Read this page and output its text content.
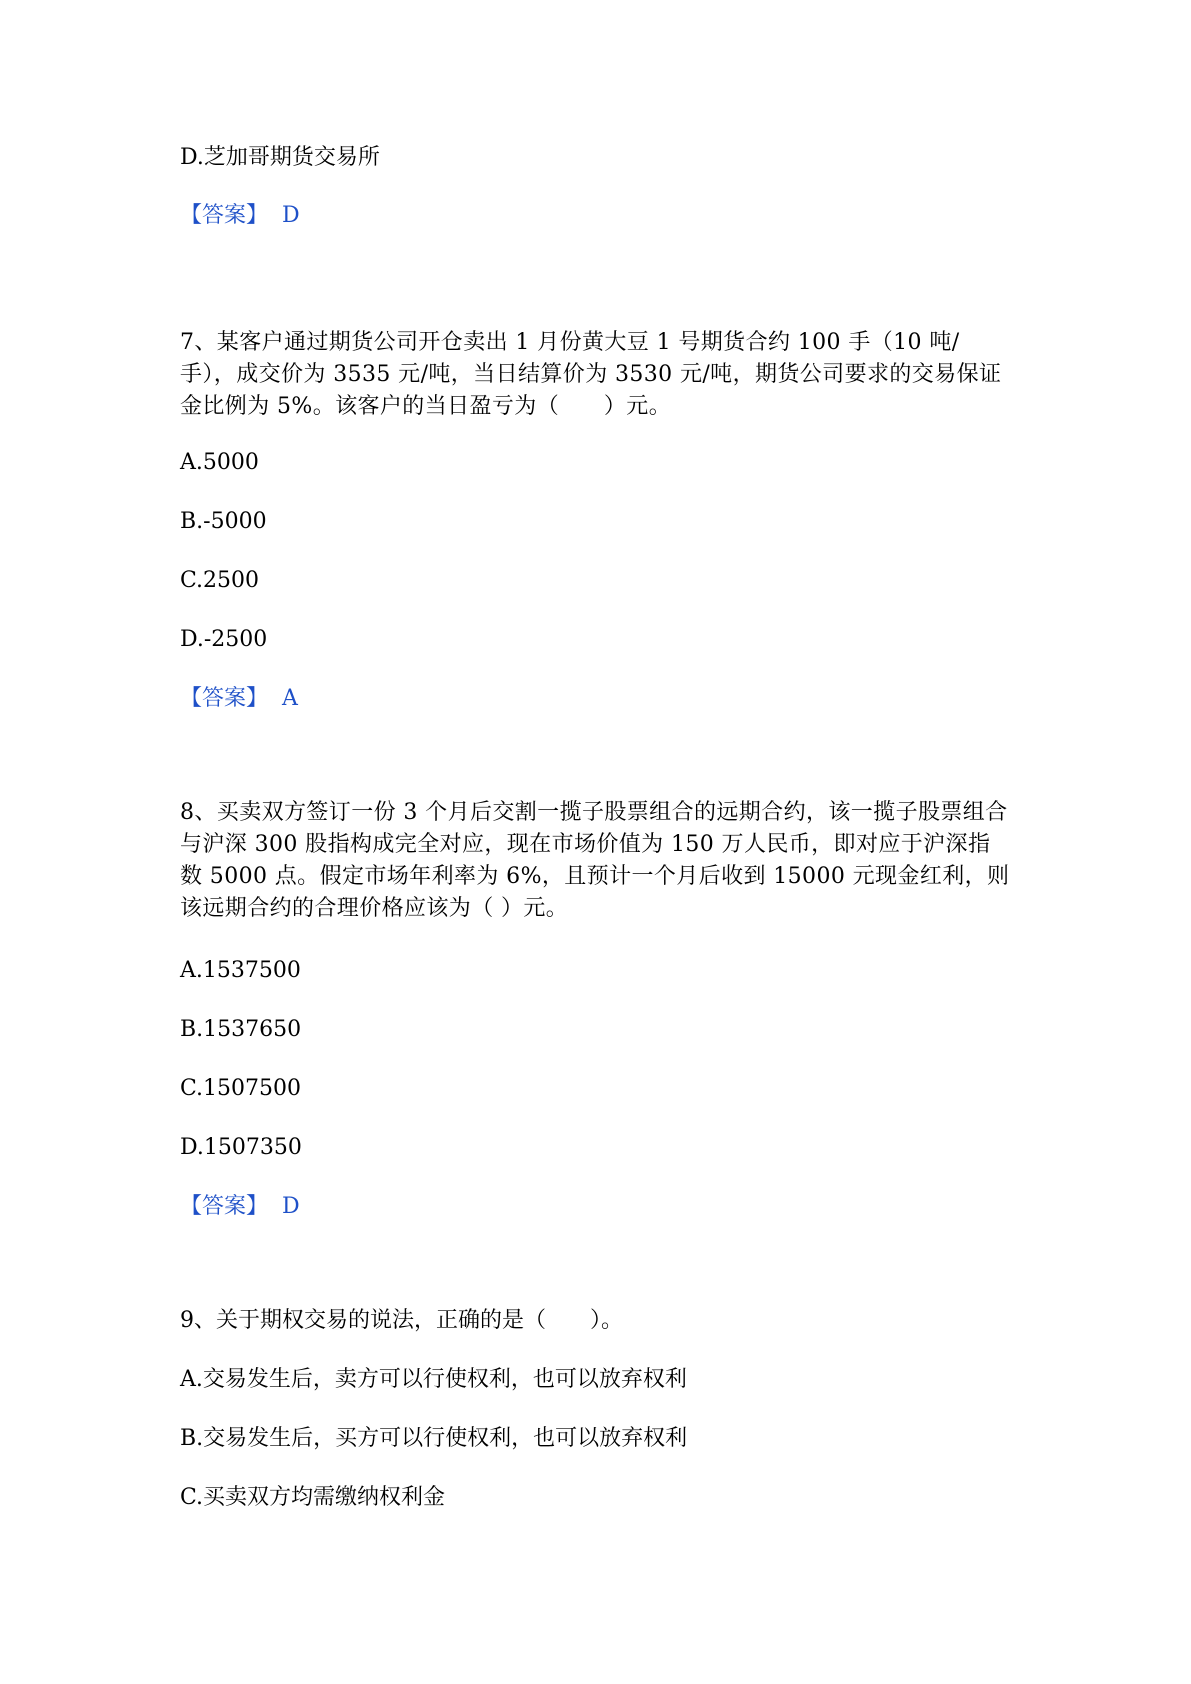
D.芝加哥期货交易所
【答案】 D
7、某客户通过期货公司开仓卖出 1 月份黄大豆 1 号期货合约 100 手（10 吨/手），成交价为 3535 元/吨，当日结算价为 3530 元/吨，期货公司要求的交易保证金比例为 5%。该客户的当日盈亏为（　　）元。
A.5000
B.-5000
C.2500
D.-2500
【答案】 A
8、买卖双方签订一份 3 个月后交割一揽子股票组合的远期合约，该一揽子股票组合与沪深 300 股指构成完全对应，现在市场价值为 150 万人民币，即对应于沪深指数 5000 点。假定市场年利率为 6%，且预计一个月后收到 15000 元现金红利，则该远期合约的合理价格应该为（ ）元。
A.1537500
B.1537650
C.1507500
D.1507350
【答案】 D
9、关于期权交易的说法，正确的是（　　）。
A.交易发生后，卖方可以行使权利，也可以放弃权利
B.交易发生后，买方可以行使权利，也可以放弃权利
C.买卖双方均需缴纳权利金
